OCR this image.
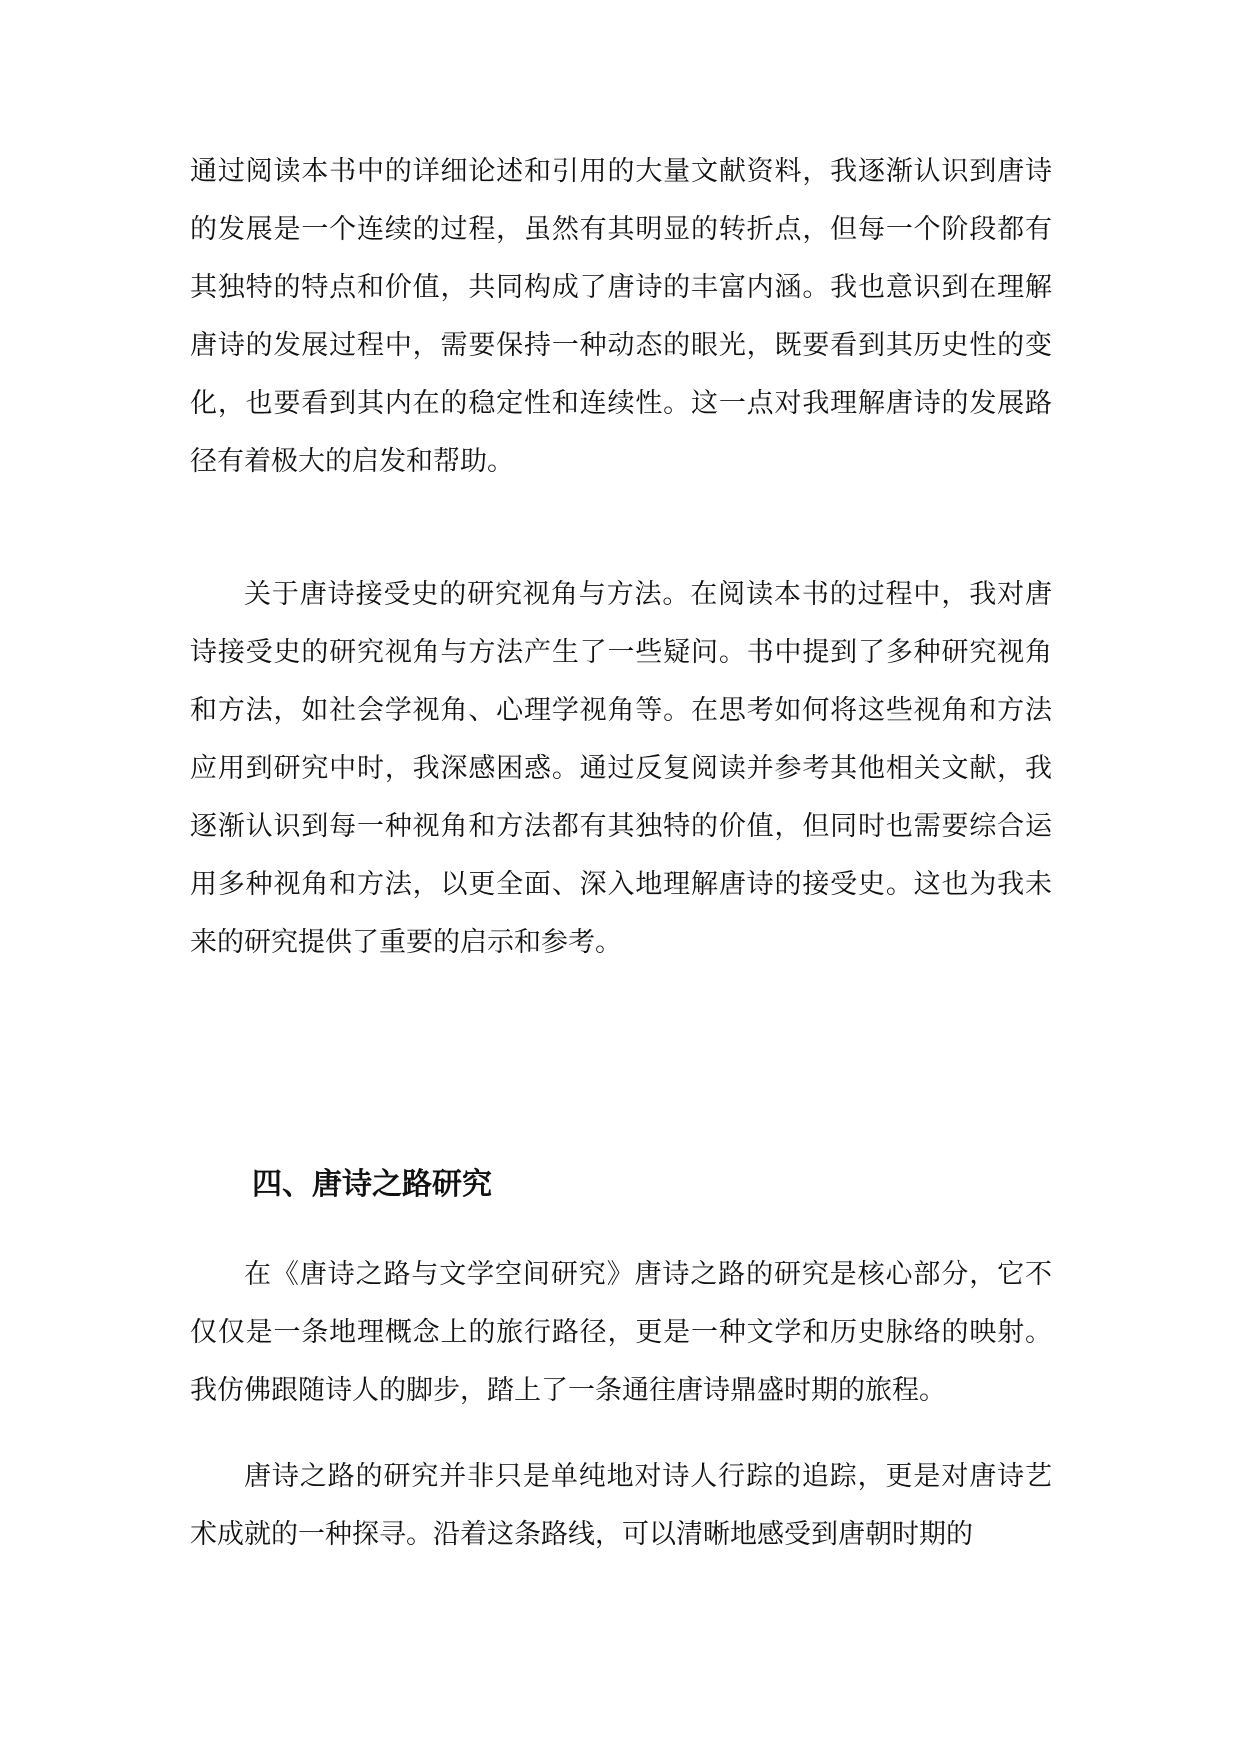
通过阅读本书中的详细论述和引用的大量文献资料，我逐渐认识到唐诗的发展是一个连续的过程，虽然有其明显的转折点，但每一个阶段都有其独特的特点和价值，共同构成了唐诗的丰富内涵。我也意识到在理解唐诗的发展过程中，需要保持一种动态的眼光，既要看到其历史性的变化，也要看到其内在的稳定性和连续性。这一点对我理解唐诗的发展路径有着极大的启发和帮助。

关于唐诗接受史的研究视角与方法。在阅读本书的过程中，我对唐诗接受史的研究视角与方法产生了一些疑问。书中提到了多种研究视角和方法，如社会学视角、心理学视角等。在思考如何将这些视角和方法应用到研究中时，我深感困惑。通过反复阅读并参考其他相关文献，我逐渐认识到每一种视角和方法都有其独特的价值，但同时也需要综合运用多种视角和方法，以更全面、深入地理解唐诗的接受史。这也为我未来的研究提供了重要的启示和参考。

四、唐诗之路研究

在《唐诗之路与文学空间研究》唐诗之路的研究是核心部分，它不仅仅是一条地理概念上的旅行路径，更是一种文学和历史脉络的映射。我仿佛跟随诗人的脚步，踏上了一条通往唐诗鼎盛时期的旅程。

唐诗之路的研究并非只是单纯地对诗人行踪的追踪，更是对唐诗艺术成就的一种探寻。沿着这条路线，可以清晰地感受到唐朝时期的
